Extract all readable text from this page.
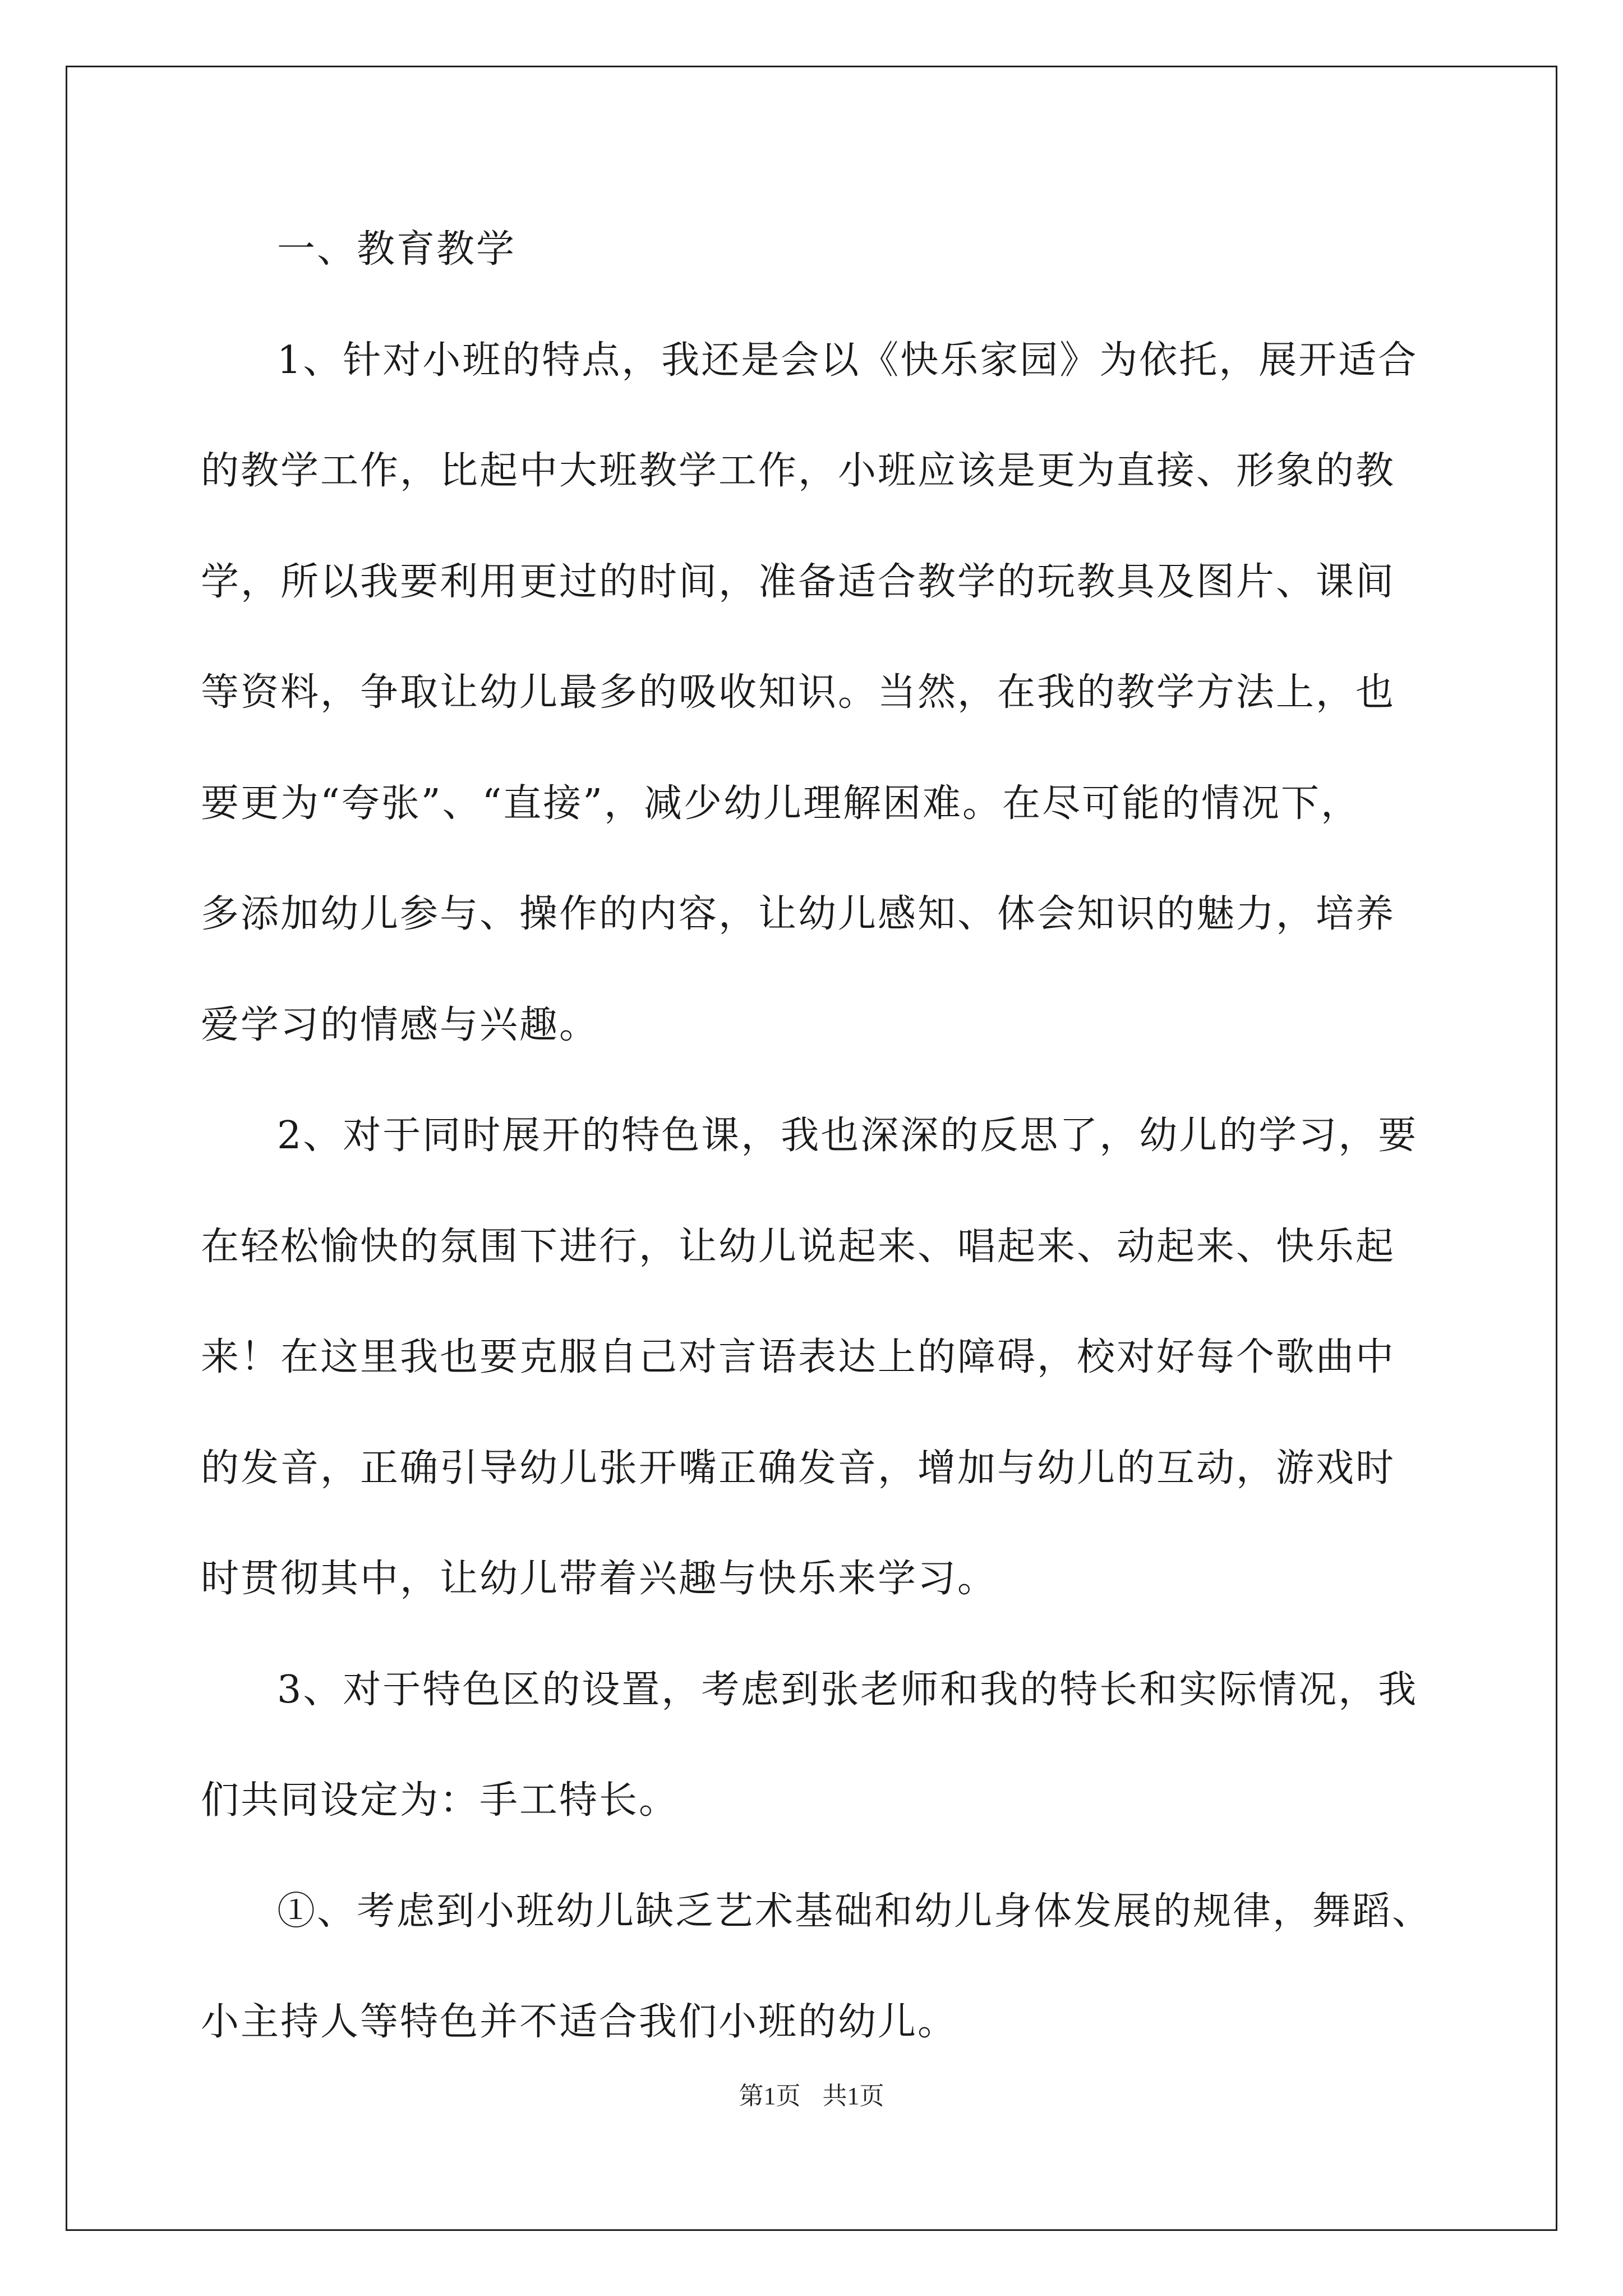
一、教育教学
1、针对小班的特点，我还是会以《快乐家园》为依托，展开适合
的教学工作，比起中大班教学工作，小班应该是更为直接、形象的教
学，所以我要利用更过的时间，准备适合教学的玩教具及图片、课间
等资料，争取让幼儿最多的吸收知识。当然，在我的教学方法上，也
要更为“夸张”、“直接”，减少幼儿理解困难。在尽可能的情况下，
多添加幼儿参与、操作的内容，让幼儿感知、体会知识的魅力，培养
爱学习的情感与兴趣。
2、对于同时展开的特色课，我也深深的反思了，幼儿的学习，要
在轻松愉快的氛围下进行，让幼儿说起来、唱起来、动起来、快乐起
来！在这里我也要克服自己对言语表达上的障碍，校对好每个歌曲中
的发音，正确引导幼儿张开嘴正确发音，增加与幼儿的互动，游戏时
时贯彻其中，让幼儿带着兴趣与快乐来学习。
3、对于特色区的设置，考虑到张老师和我的特长和实际情况，我
们共同设定为：手工特长。
①、考虑到小班幼儿缺乏艺术基础和幼儿身体发展的规律，舞蹈、
小主持人等特色并不适合我们小班的幼儿。
第1页 共1页
